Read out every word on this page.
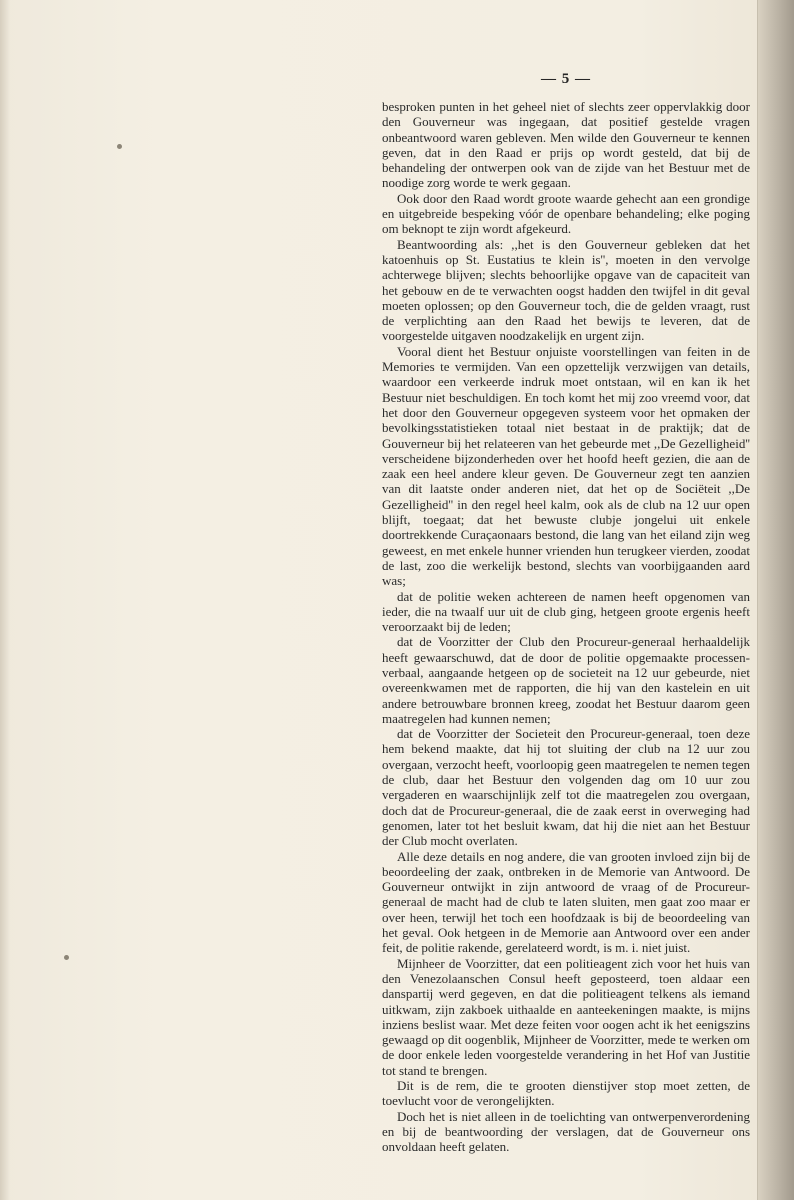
— 5 —

besproken punten in het geheel niet of slechts zeer oppervlakkig door den Gouverneur was ingegaan, dat positief gestelde vragen onbeantwoord waren gebleven. Men wilde den Gouverneur te kennen geven, dat in den Raad er prijs op wordt gesteld, dat bij de behandeling der ontwerpen ook van de zijde van het Bestuur met de noodige zorg worde te werk gegaan.

Ook door den Raad wordt groote waarde gehecht aan een grondige en uitgebreide bespeking vóór de openbare behandeling; elke poging om beknopt te zijn wordt afgekeurd.

Beantwoording als: ,,het is den Gouverneur gebleken dat het katoenhuis op St. Eustatius te klein is'', moeten in den vervolge achterwege blijven; slechts behoorlijke opgave van de capaciteit van het gebouw en de te verwachten oogst hadden den twijfel in dit geval moeten oplossen; op den Gouverneur toch, die de gelden vraagt, rust de verplichting aan den Raad het bewijs te leveren, dat de voorgestelde uitgaven noodzakelijk en urgent zijn.

Vooral dient het Bestuur onjuiste voorstellingen van feiten in de Memories te vermijden. Van een opzettelijk verzwijgen van details, waardoor een verkeerde indruk moet ontstaan, wil en kan ik het Bestuur niet beschuldigen. En toch komt het mij zoo vreemd voor, dat het door den Gouverneur opgegeven systeem voor het opmaken der bevolkingsstatistieken totaal niet bestaat in de praktijk; dat de Gouverneur bij het relateeren van het gebeurde met ,,De Gezelligheid'' verscheidene bijzonderheden over het hoofd heeft gezien, die aan de zaak een heel andere kleur geven. De Gouverneur zegt ten aanzien van dit laatste onder anderen niet, dat het op de Sociëteit ,,De Gezelligheid'' in den regel heel kalm, ook als de club na 12 uur open blijft, toegaat; dat het bewuste clubje jongelui uit enkele doortrekkende Curaçaonaars bestond, die lang van het eiland zijn weg geweest, en met enkele hunner vrienden hun terugkeer vierden, zoodat de last, zoo die werkelijk bestond, slechts van voorbijgaanden aard was;

dat de politie weken achtereen de namen heeft opgenomen van ieder, die na twaalf uur uit de club ging, hetgeen groote ergenis heeft veroorzaakt bij de leden;

dat de Voorzitter der Club den Procureur-generaal herhaaldelijk heeft gewaarschuwd, dat de door de politie opgemaakte processen-verbaal, aangaande hetgeen op de societeit na 12 uur gebeurde, niet overeenkwamen met de rapporten, die hij van den kastelein en uit andere betrouwbare bronnen kreeg, zoodat het Bestuur daarom geen maatregelen had kunnen nemen;

dat de Voorzitter der Societeit den Procureur-generaal, toen deze hem bekend maakte, dat hij tot sluiting der club na 12 uur zou overgaan, verzocht heeft, voorloopig geen maatregelen te nemen tegen de club, daar het Bestuur den volgenden dag om 10 uur zou vergaderen en waarschijnlijk zelf tot die maatregelen zou overgaan, doch dat de Procureur-generaal, die de zaak eerst in overweging had genomen, later tot het besluit kwam, dat hij die niet aan het Bestuur der Club mocht overlaten.

Alle deze details en nog andere, die van grooten invloed zijn bij de beoordeeling der zaak, ontbreken in de Memorie van Antwoord. De Gouverneur ontwijkt in zijn antwoord de vraag of de Procureur-generaal de macht had de club te laten sluiten, men gaat zoo maar er over heen, terwijl het toch een hoofdzaak is bij de beoordeeling van het geval. Ook hetgeen in de Memorie aan Antwoord over een ander feit, de politie rakende, gerelateerd wordt, is m. i. niet juist.

Mijnheer de Voorzitter, dat een politieagent zich voor het huis van den Venezolaanschen Consul heeft geposteerd, toen aldaar een danspartij werd gegeven, en dat die politieagent telkens als iemand uitkwam, zijn zakboek uithaalde en aanteekeningen maakte, is mijns inziens beslist waar. Met deze feiten voor oogen acht ik het eenigszins gewaagd op dit oogenblik, Mijnheer de Voorzitter, mede te werken om de door enkele leden voorgestelde verandering in het Hof van Justitie tot stand te brengen.

Dit is de rem, die te grooten dienstijver stop moet zetten, de toevlucht voor de verongelijkten.

Doch het is niet alleen in de toelichting van ontwerpenverordening en bij de beantwoording der verslagen, dat de Gouverneur ons onvoldaan heeft gelaten.
